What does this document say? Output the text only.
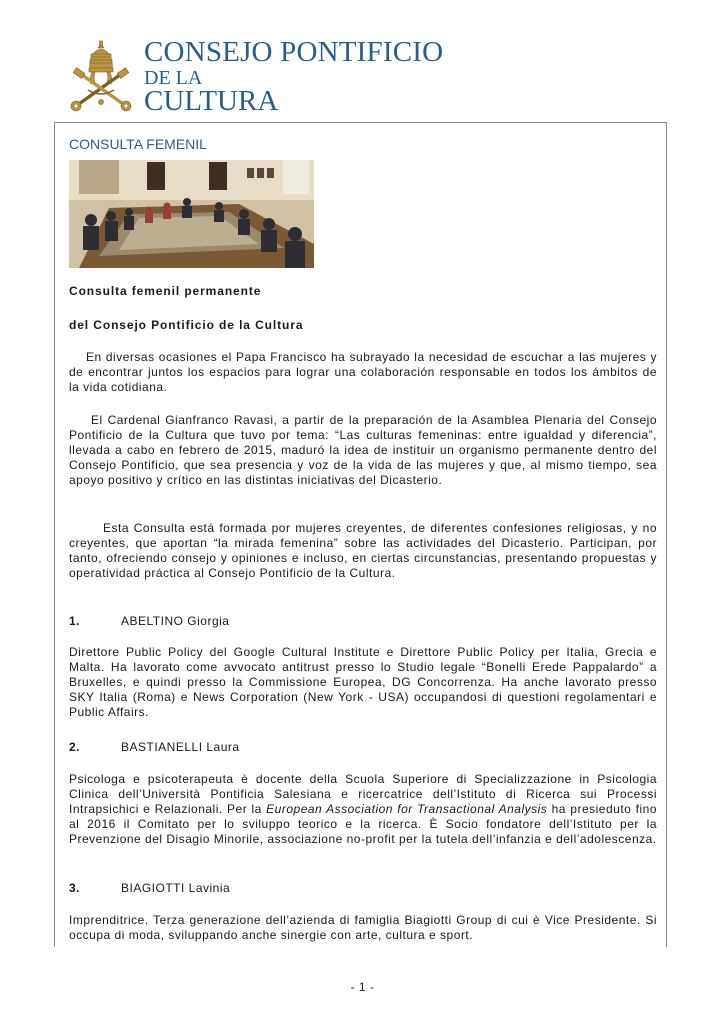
CONSEJO PONTIFICIO
DE LA
CULTURA
CONSULTA FEMENIL

Consulta femenil permanente

del Consejo Pontificio de la Cultura

En diversas ocasiones el Papa Francisco ha subrayado la necesidad de escuchar a las mujeres y de encontrar juntos los espacios para lograr una colaboración responsable en todos los ámbitos de la vida cotidiana.

El Cardenal Gianfranco Ravasi, a partir de la preparación de la Asamblea Plenaria del Consejo Pontificio de la Cultura que tuvo por tema: “Las culturas femeninas: entre igualdad y diferencia”, llevada a cabo en febrero de 2015, maduró la idea de instituir un organismo permanente dentro del Consejo Pontificio, que sea presencia y voz de la vida de las mujeres y que, al mismo tiempo, sea apoyo positivo y crítico en las distintas iniciativas del Dicasterio.

Esta Consulta está formada por mujeres creyentes, de diferentes confesiones religiosas, y no creyentes, que aportan “la mirada femenina” sobre las actividades del Dicasterio. Participan, por tanto, ofreciendo consejo y opiniones e incluso, en ciertas circunstancias, presentando propuestas y operatividad práctica al Consejo Pontificio de la Cultura.

1.	ABELTINO Giorgia

Direttore Public Policy del Google Cultural Institute e Direttore Public Policy per Italia, Grecia e Malta. Ha lavorato come avvocato antitrust presso lo Studio legale “Bonelli Erede Pappalardo” a Bruxelles, e quindi presso la Commissione Europea, DG Concorrenza. Ha anche lavorato presso SKY Italia (Roma) e News Corporation (New York - USA) occupandosi di questioni regolamentari e Public Affairs.

2.	BASTIANELLI Laura

Psicologa e psicoterapeuta è docente della Scuola Superiore di Specializzazione in Psicologia Clinica dell’Università Pontificia Salesiana e ricercatrice dell’Istituto di Ricerca sui Processi Intrapsichici e Relazionali. Per la European Association for Transactional Analysis ha presieduto fino al 2016 il Comitato per lo sviluppo teorico e la ricerca. È Socio fondatore dell’Istituto per la Prevenzione del Disagio Minorile, associazione no-profit per la tutela dell’infanzia e dell’adolescenza.

3.	BIAGIOTTI Lavinia

Imprenditrice. Terza generazione dell’azienda di famiglia Biagiotti Group di cui è Vice Presidente. Si occupa di moda, sviluppando anche sinergie con arte, cultura e sport.

- 1 -
